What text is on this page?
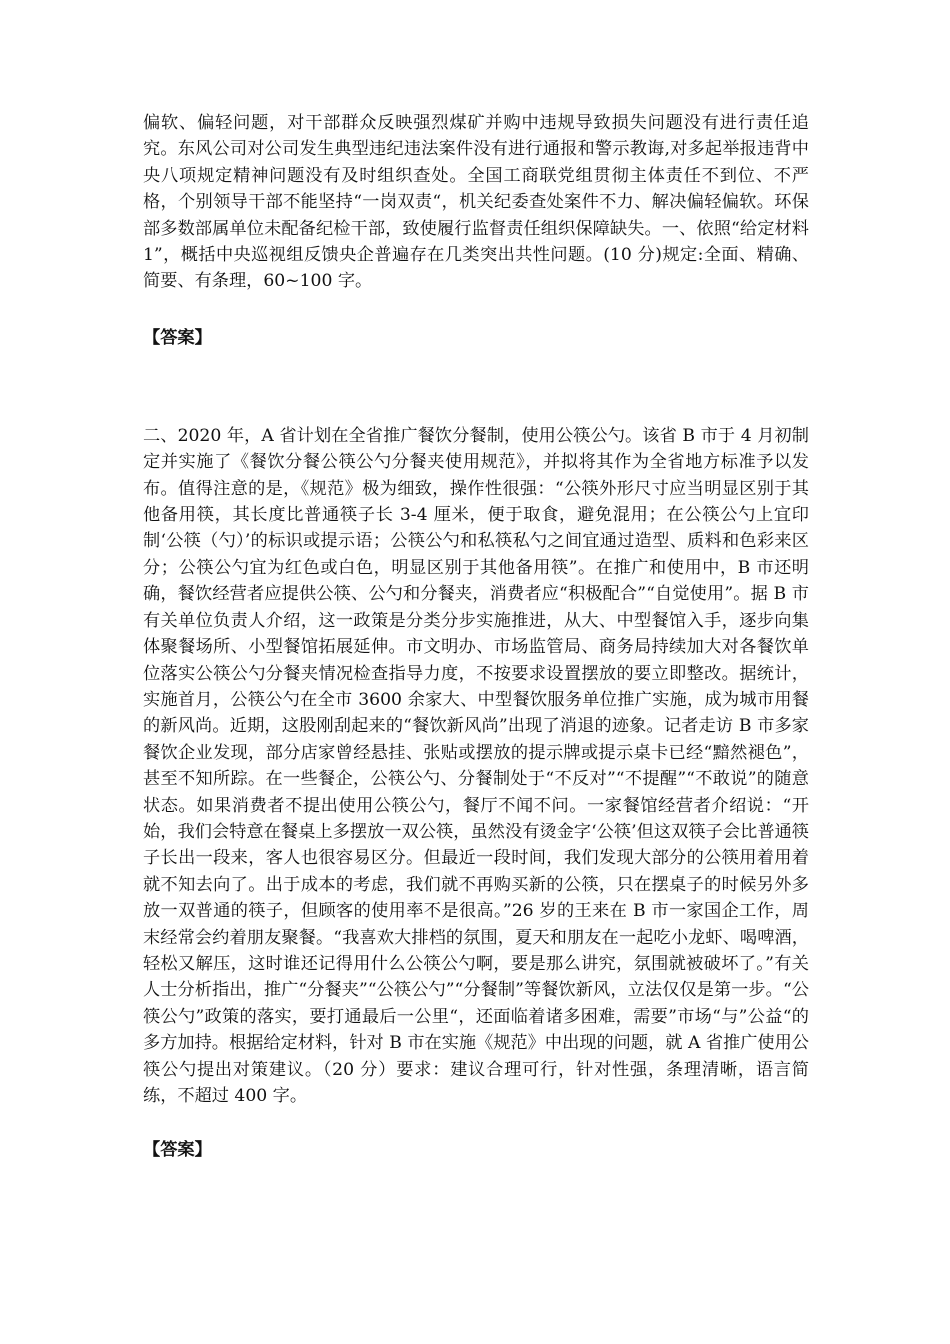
偏软、偏轻问题，对干部群众反映强烈煤矿并购中违规导致损失问题没有进行责任追究。东风公司对公司发生典型违纪违法案件没有进行通报和警示教诲,对多起举报违背中央八项规定精神问题没有及时组织查处。全国工商联党组贯彻主体责任不到位、不严格，个别领导干部不能坚持“一岗双责“，机关纪委查处案件不力、解决偏轻偏软。环保部多数部属单位未配备纪检干部，致使履行监督责任组织保障缺失。一、依照“给定材料 1”，概括中央巡视组反馈央企普遍存在几类突出共性问题。(10 分)规定:全面、精确、简要、有条理，60~100 字。

【答案】

二、2020 年，A 省计划在全省推广餐饮分餐制，使用公筷公勺。该省 B 市于 4 月初制定并实施了《餐饮分餐公筷公勺分餐夹使用规范》，并拟将其作为全省地方标准予以发布。值得注意的是，《规范》极为细致，操作性很强：“公筷外形尺寸应当明显区别于其他备用筷，其长度比普通筷子长 3-4 厘米，便于取食，避免混用；在公筷公勺上宜印制‘公筷（勺）’的标识或提示语；公筷公勺和私筷私勺之间宜通过造型、质料和色彩来区分；公筷公勺宜为红色或白色，明显区别于其他备用筷”。在推广和使用中，B 市还明确，餐饮经营者应提供公筷、公勺和分餐夹，消费者应“积极配合”“自觉使用”。据 B 市有关单位负责人介绍，这一政策是分类分步实施推进，从大、中型餐馆入手，逐步向集体聚餐场所、小型餐馆拓展延伸。市文明办、市场监管局、商务局持续加大对各餐饮单位落实公筷公勺分餐夹情况检查指导力度，不按要求设置摆放的要立即整改。据统计，实施首月，公筷公勺在全市 3600 余家大、中型餐饮服务单位推广实施，成为城市用餐的新风尚。近期，这股刚刮起来的“餐饮新风尚”出现了消退的迹象。记者走访 B 市多家餐饮企业发现，部分店家曾经悬挂、张贴或摆放的提示牌或提示桌卡已经“黯然褪色”，甚至不知所踪。在一些餐企，公筷公勺、分餐制处于“不反对”“不提醒”“不敢说”的随意状态。如果消费者不提出使用公筷公勺，餐厅不闻不问。一家餐馆经营者介绍说：“开始，我们会特意在餐桌上多摆放一双公筷，虽然没有烫金字‘公筷’但这双筷子会比普通筷子长出一段来，客人也很容易区分。但最近一段时间，我们发现大部分的公筷用着用着就不知去向了。出于成本的考虑，我们就不再购买新的公筷，只在摆桌子的时候另外多放一双普通的筷子，但顾客的使用率不是很高。”26 岁的王来在 B 市一家国企工作，周末经常会约着朋友聚餐。“我喜欢大排档的氛围，夏天和朋友在一起吃小龙虾、喝啤酒，轻松又解压，这时谁还记得用什么公筷公勺啊，要是那么讲究，氛围就被破坏了。”有关人士分析指出，推广“分餐夹”“公筷公勺”“分餐制”等餐饮新风，立法仅仅是第一步。“公筷公勺”政策的落实，要打通最后一公里“，还面临着诸多困难，需要”市场“与”公益“的多方加持。根据给定材料，针对 B 市在实施《规范》中出现的问题，就 A 省推广使用公筷公勺提出对策建议。（20 分）要求：建议合理可行，针对性强，条理清晰，语言简练，不超过 400 字。

【答案】
